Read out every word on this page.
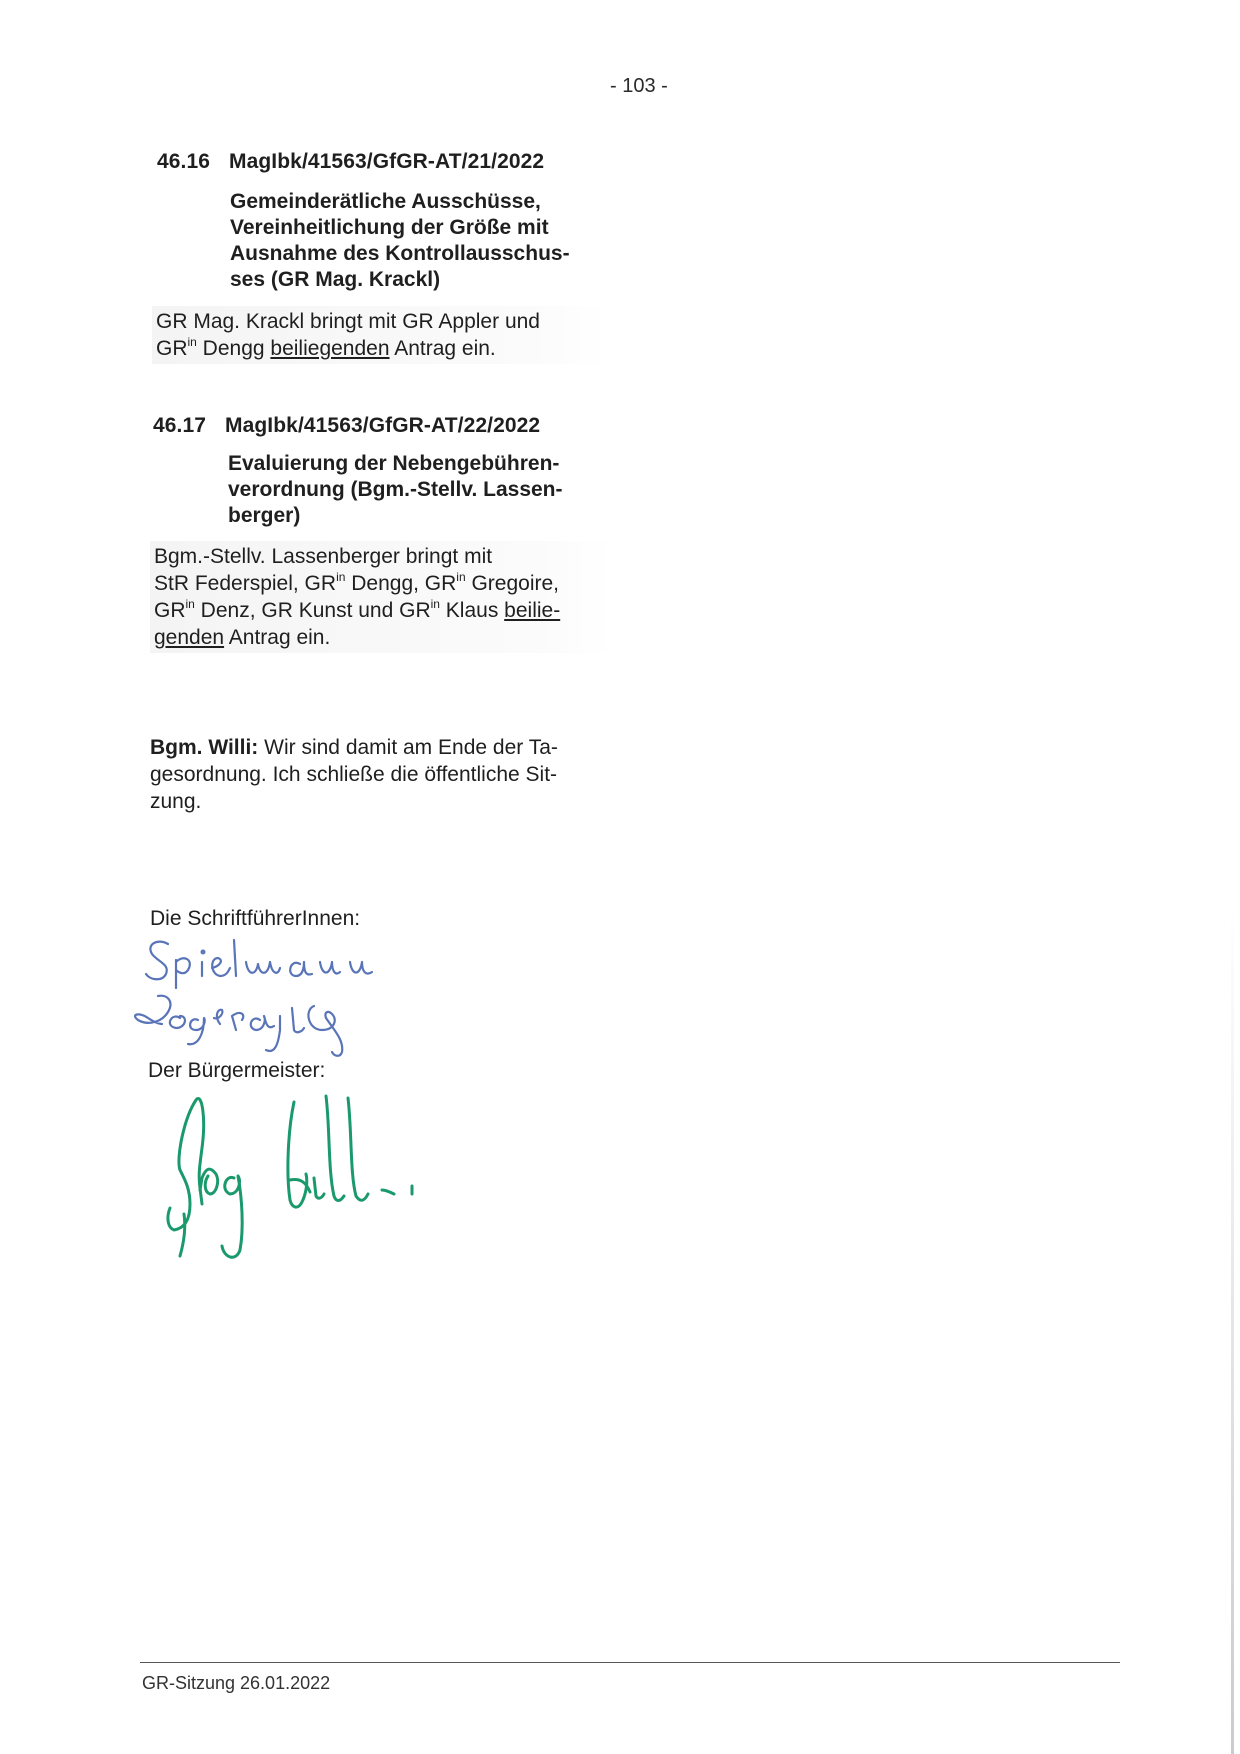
- 103 -
46.16 MagIbk/41563/GfGR-AT/21/2022
Gemeinderätliche Ausschüsse,
Vereinheitlichung der Größe mit
Ausnahme des Kontrollausschus-
ses (GR Mag. Krackl)
GR Mag. Krackl bringt mit GR Appler und
$GR^{in}$ Dengg beiliegenden Antrag ein.
46.17 MagIbk/41563/GfGR-AT/22/2022
Evaluierung der Nebengebühren-
verordnung (Bgm.-Stellv. Lassen-
berger)
Bgm.-Stellv. Lassenberger bringt mit
StR Federspiel, $GR^{in}$ Dengg, $GR^{in}$ Gregoire,
$GR^{in}$ Denz, GR Kunst und $GR^{in}$ Klaus beilie-
genden Antrag ein.
Bgm. Willi: Wir sind damit am Ende der Ta-
gesordnung. Ich schließe die öffentliche Sit-
zung.
Die SchriftführerInnen:
Der Bürgermeister:
GR-Sitzung 26.01.2022
